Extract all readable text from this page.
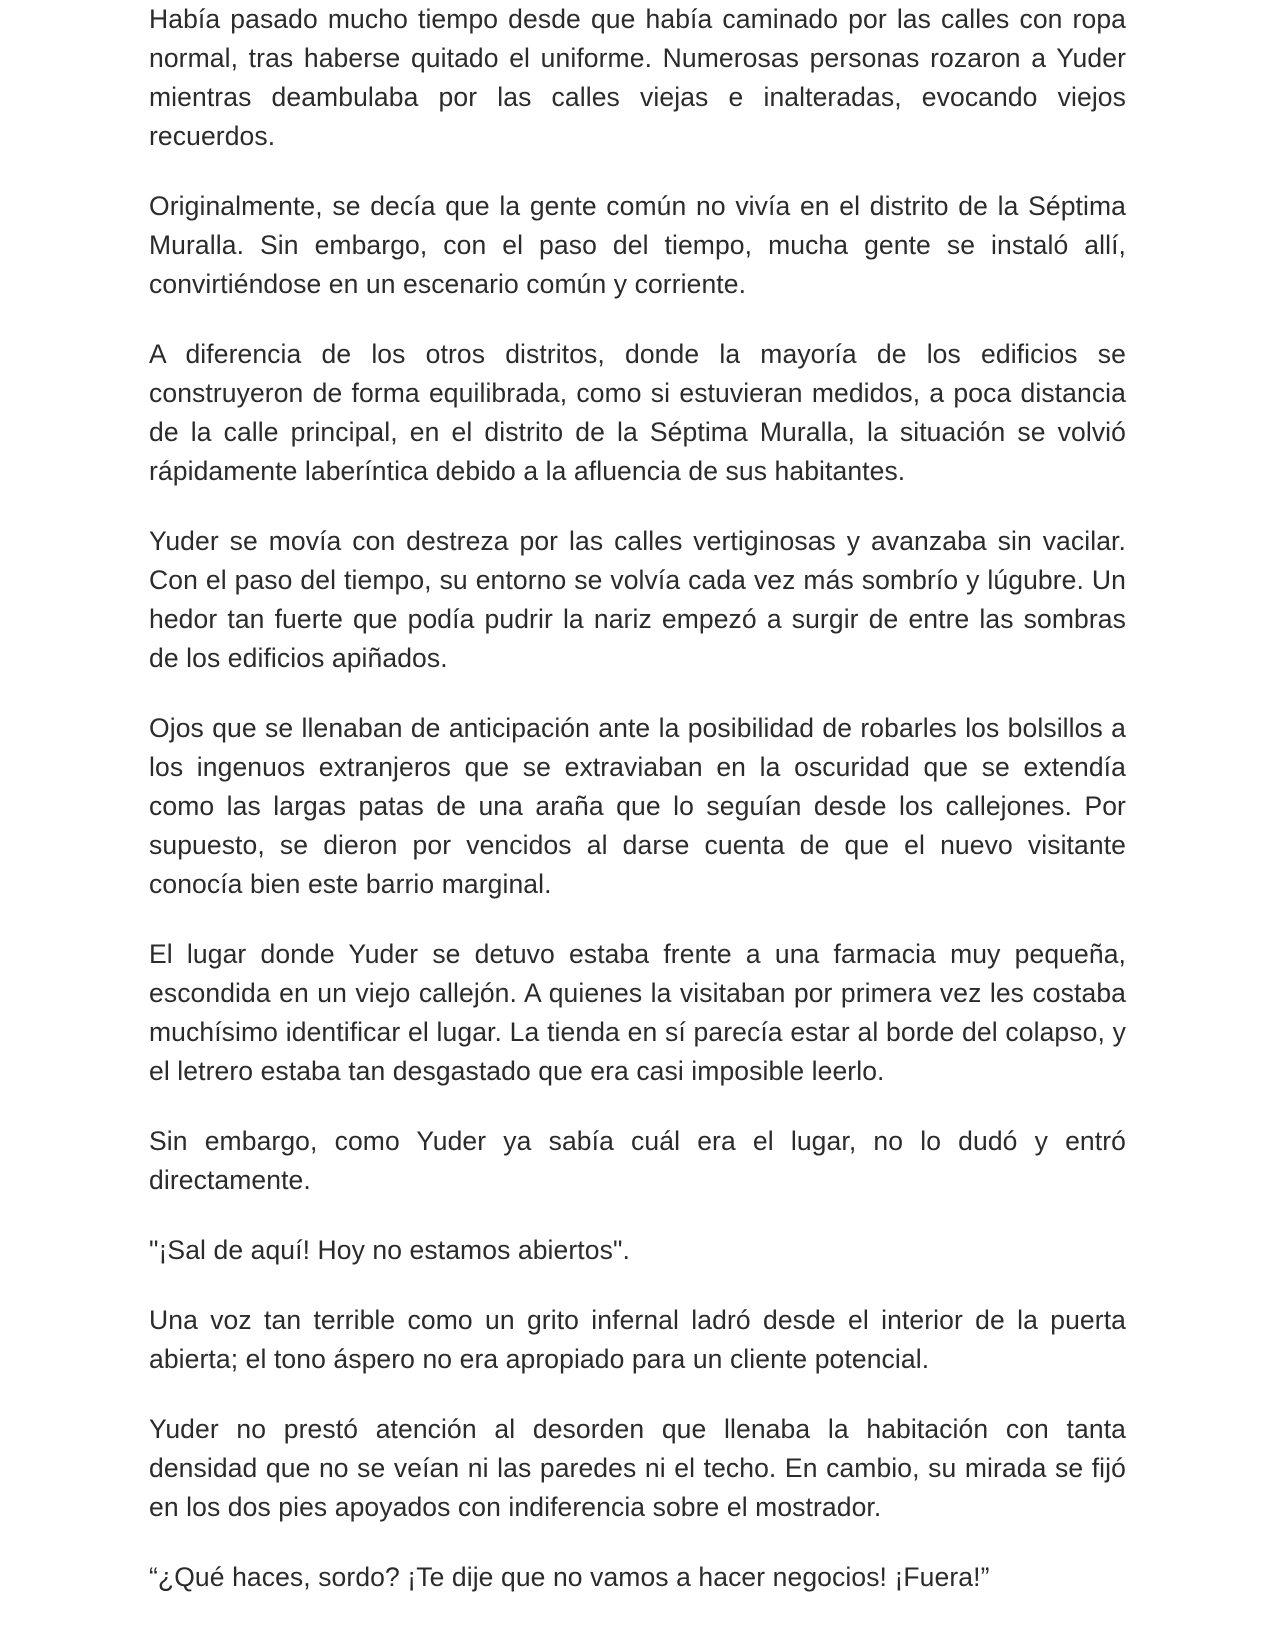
Había pasado mucho tiempo desde que había caminado por las calles con ropa normal, tras haberse quitado el uniforme. Numerosas personas rozaron a Yuder mientras deambulaba por las calles viejas e inalteradas, evocando viejos recuerdos.

Originalmente, se decía que la gente común no vivía en el distrito de la Séptima Muralla. Sin embargo, con el paso del tiempo, mucha gente se instaló allí, convirtiéndose en un escenario común y corriente.

A diferencia de los otros distritos, donde la mayoría de los edificios se construyeron de forma equilibrada, como si estuvieran medidos, a poca distancia de la calle principal, en el distrito de la Séptima Muralla, la situación se volvió rápidamente laberíntica debido a la afluencia de sus habitantes.

Yuder se movía con destreza por las calles vertiginosas y avanzaba sin vacilar. Con el paso del tiempo, su entorno se volvía cada vez más sombrío y lúgubre. Un hedor tan fuerte que podía pudrir la nariz empezó a surgir de entre las sombras de los edificios apiñados.

Ojos que se llenaban de anticipación ante la posibilidad de robarles los bolsillos a los ingenuos extranjeros que se extraviaban en la oscuridad que se extendía como las largas patas de una araña que lo seguían desde los callejones. Por supuesto, se dieron por vencidos al darse cuenta de que el nuevo visitante conocía bien este barrio marginal.

El lugar donde Yuder se detuvo estaba frente a una farmacia muy pequeña, escondida en un viejo callejón. A quienes la visitaban por primera vez les costaba muchísimo identificar el lugar. La tienda en sí parecía estar al borde del colapso, y el letrero estaba tan desgastado que era casi imposible leerlo.

Sin embargo, como Yuder ya sabía cuál era el lugar, no lo dudó y entró directamente.

"¡Sal de aquí! Hoy no estamos abiertos".

Una voz tan terrible como un grito infernal ladró desde el interior de la puerta abierta; el tono áspero no era apropiado para un cliente potencial.

Yuder no prestó atención al desorden que llenaba la habitación con tanta densidad que no se veían ni las paredes ni el techo. En cambio, su mirada se fijó en los dos pies apoyados con indiferencia sobre el mostrador.

“¿Qué haces, sordo? ¡Te dije que no vamos a hacer negocios! ¡Fuera!”
